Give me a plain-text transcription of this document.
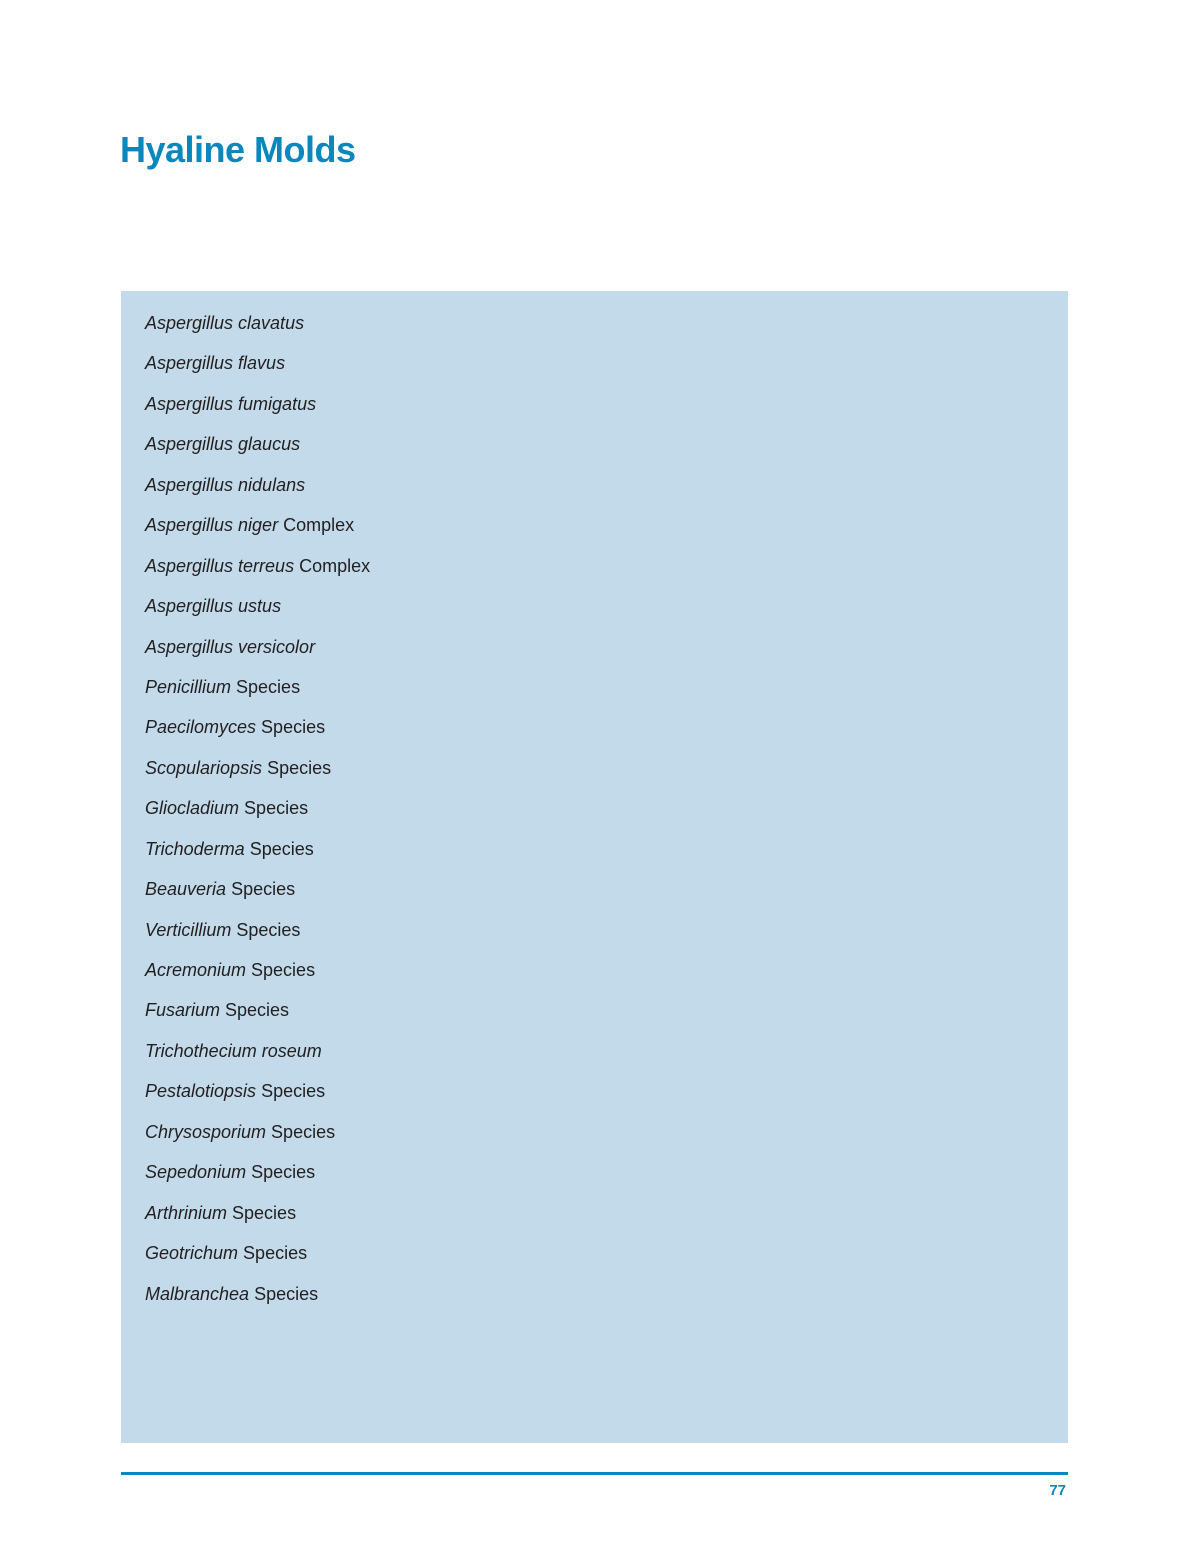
Hyaline Molds
Aspergillus clavatus
Aspergillus flavus
Aspergillus fumigatus
Aspergillus glaucus
Aspergillus nidulans
Aspergillus niger Complex
Aspergillus terreus Complex
Aspergillus ustus
Aspergillus versicolor
Penicillium Species
Paecilomyces Species
Scopulariopsis Species
Gliocladium Species
Trichoderma Species
Beauveria Species
Verticillium Species
Acremonium Species
Fusarium Species
Trichothecium roseum
Pestalotiopsis Species
Chrysosporium Species
Sepedonium Species
Arthrinium Species
Geotrichum Species
Malbranchea Species
77
